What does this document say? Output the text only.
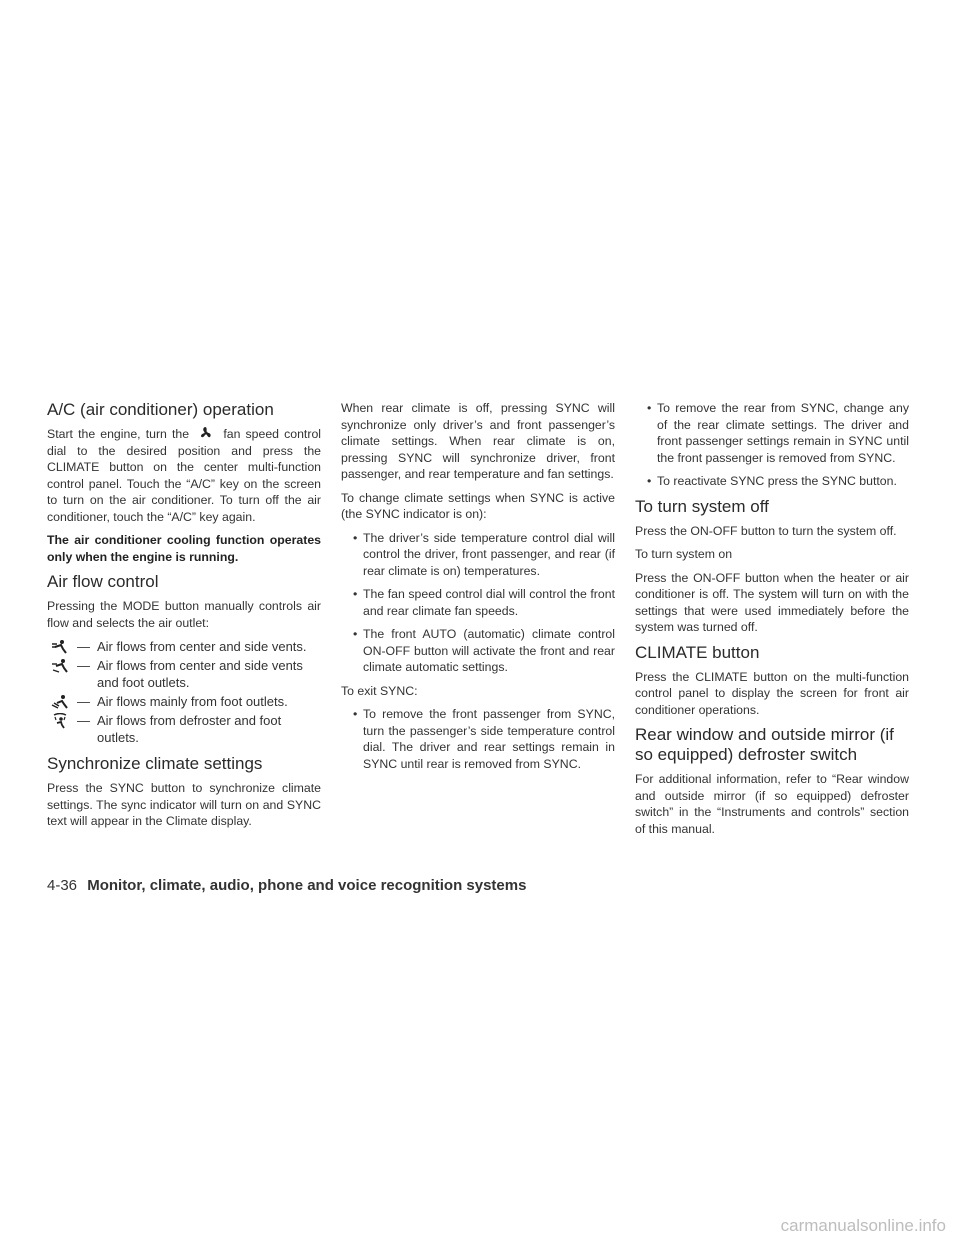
A/C (air conditioner) operation

Start the engine, turn the	fan speed control dial to the desired position and press the CLIMATE button on the center multi-function control panel. Touch the “A/C” key on the screen to turn on the air conditioner. To turn off the air conditioner, touch the “A/C” key again.

The air conditioner cooling function operates only when the engine is running.

Air flow control

Pressing the MODE button manually controls air flow and selects the air outlet:

— Air flows from center and side vents.
— Air flows from center and side vents and foot outlets.
— Air flows mainly from foot outlets.
— Air flows from defroster and foot outlets.
Synchronize climate settings

Press the SYNC button to synchronize climate settings. The sync indicator will turn on and SYNC text will appear in the Climate display.

When rear climate is off, pressing SYNC will synchronize only driver’s and front passenger’s climate settings. When rear climate is on, pressing SYNC will synchronize driver, front passenger, and rear temperature and fan settings.

To change climate settings when SYNC is active (the SYNC indicator is on):

• The driver’s side temperature control dial will control the driver, front passenger, and rear (if rear climate is on) temperatures.
• The fan speed control dial will control the front and rear climate fan speeds.
• The front AUTO (automatic) climate control ON-OFF button will activate the front and rear climate automatic settings.

To exit SYNC:

• To remove the front passenger from SYNC, turn the passenger’s side temperature control dial. The driver and rear settings remain in SYNC until rear is removed from SYNC.
• To remove the rear from SYNC, change any of the rear climate settings. The driver and front passenger settings remain in SYNC until the front passenger is removed from SYNC.
• To reactivate SYNC press the SYNC button.
To turn system off

Press the ON-OFF button to turn the system off.

To turn system on

Press the ON-OFF button when the heater or air conditioner is off. The system will turn on with the settings that were used immediately before the system was turned off.

CLIMATE button

Press the CLIMATE button on the multi-function control panel to display the screen for front air conditioner operations.

Rear window and outside mirror (if so equipped) defroster switch

For additional information, refer to “Rear window and outside mirror (if so equipped) defroster switch” in the “Instruments and controls” section of this manual.

4-36 Monitor, climate, audio, phone and voice recognition systems
carmanualsonline.info
